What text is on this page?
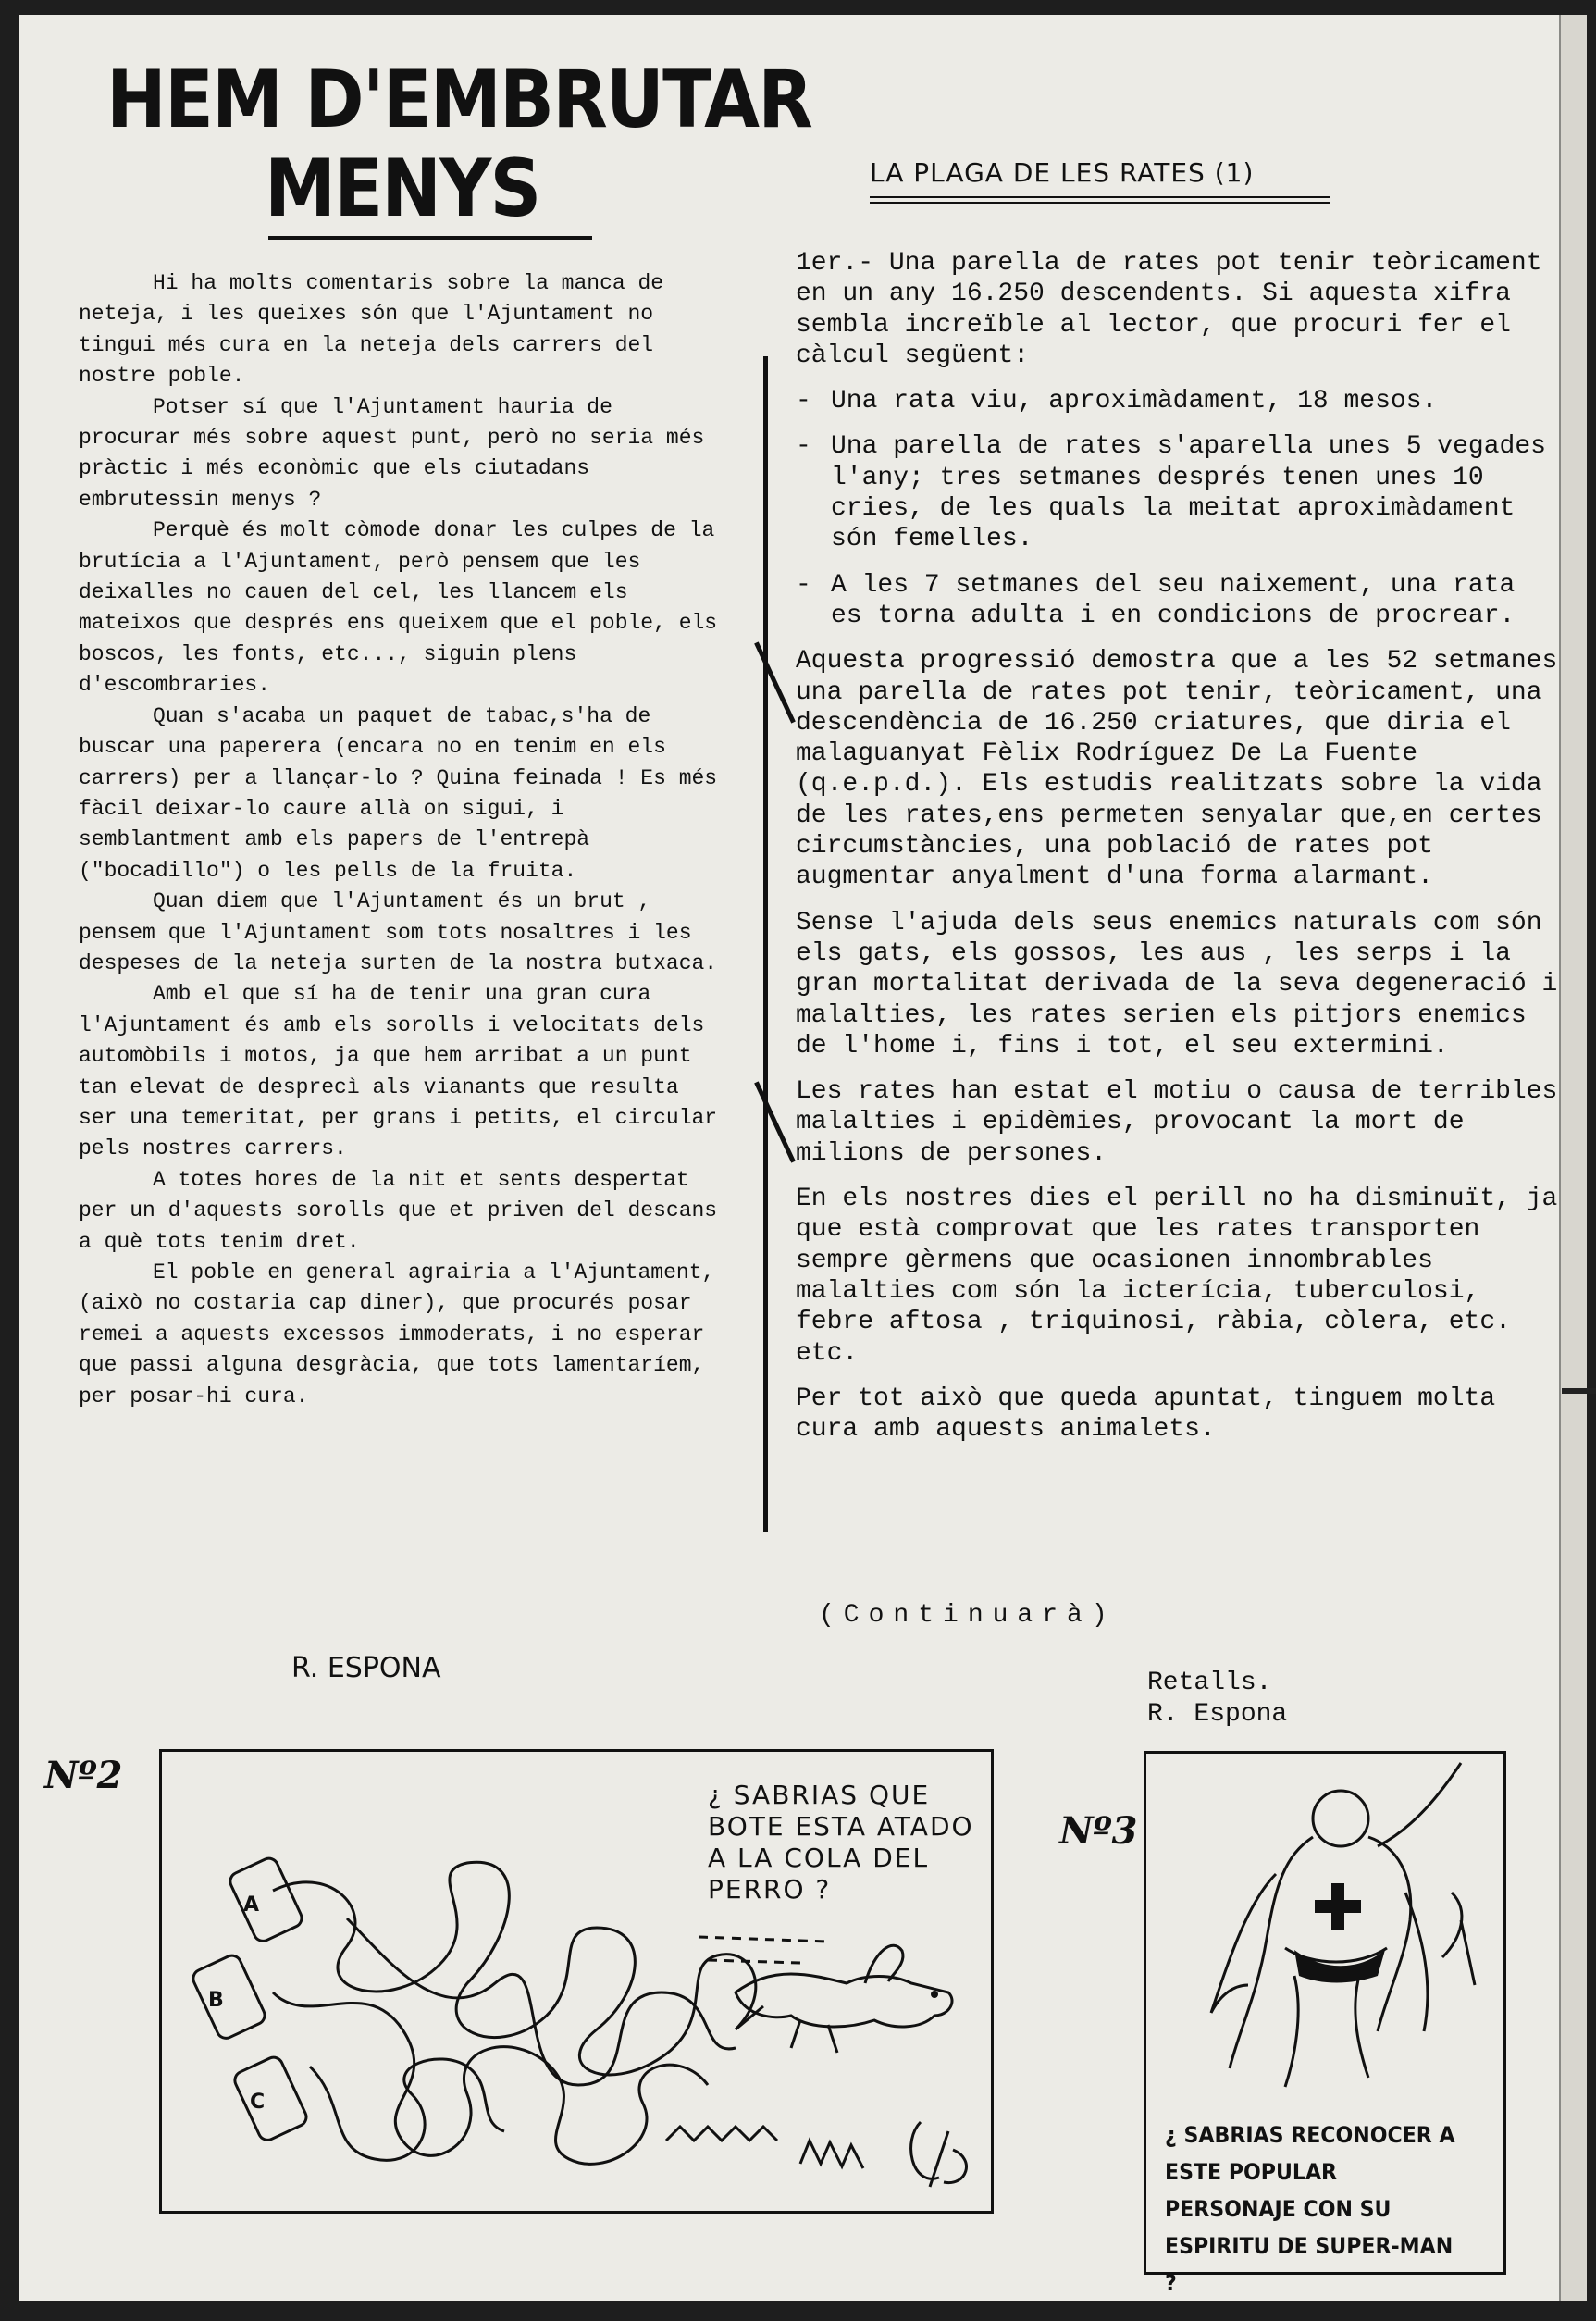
HEM D'EMBRUTAR
MENYS

Hi ha molts comentaris sobre la manca de neteja, i les queixes són que l'Ajuntament no tingui més cura en la neteja dels carrers del nostre poble.

Potser sí que l'Ajuntament hauria de procurar més sobre aquest punt, però no seria més pràctic i més econòmic que els ciutadans embrutessin menys ?

Perquè és molt còmode donar les culpes de la brutícia a l'Ajuntament, però pensem que les deixalles no cauen del cel, les llancem els mateixos que després ens queixem que el poble, els boscos, les fonts, etc..., siguin plens d'escombraries.

Quan s'acaba un paquet de tabac,s'ha de buscar una paperera (encara no en tenim en els carrers) per a llançar-lo ? Quina feinada ! Es més fàcil deixar-lo caure allà on sigui, i semblantment amb els papers de l'entrepà ("bocadillo") o les pells de la fruita.

Quan diem que l'Ajuntament és un brut , pensem que l'Ajuntament som tots nosaltres i les despeses de la neteja surten de la nostra butxaca.

Amb el que sí ha de tenir una gran cura l'Ajuntament és amb els sorolls i velocitats dels automòbils i motos, ja que hem arribat a un punt tan elevat de desprecì als vianants que resulta ser una temeritat, per grans i petits, el circular pels nostres carrers.

A totes hores de la nit et sents despertat per un d'aquests sorolls que et priven del descans a què tots tenim dret.

El poble en general agrairia a l'Ajuntament,(això no costaria cap diner), que procurés posar remei a aquests excessos immoderats, i no esperar que passi alguna desgràcia, que tots lamentaríem, per posar-hi cura.

R. ESPONA
LA PLAGA DE LES RATES (1)

1er.- Una parella de rates pot tenir teòricament en un any 16.250 descendents. Si aquesta xifra sembla increïble al lector, que procuri fer el càlcul següent:

- Una rata viu, aproximàdament, 18 mesos.
- Una parella de rates s'aparella unes 5 vegades l'any; tres setmanes després tenen unes 10 cries, de les quals la meitat aproximàdament són femelles.
- A les 7 setmanes del seu naixement, una rata es torna adulta i en condicions de procrear.

Aquesta progressió demostra que a les 52 setmanes una parella de rates pot tenir, teòricament, una descendència de 16.250 criatures, que diria el malaguanyat Fèlix Rodríguez De La Fuente (q.e.p.d.). Els estudis realitzats sobre la vida de les rates,ens permeten senyalar que,en certes circumstàncies, una població de rates pot augmentar anyalment d'una forma alarmant.

Sense l'ajuda dels seus enemics naturals com són els gats, els gossos, les aus , les serps i la gran mortalitat derivada de la seva degeneració i malalties, les rates serien els pitjors enemics de l'home i, fins i tot, el seu extermini.

Les rates han estat el motiu o causa de terribles malalties i epidèmies, provocant la mort de milions de persones.

En els nostres dies el perill no ha disminuït, ja que està comprovat que les rates transporten sempre gèrmens que ocasionen innombrables malalties com són la icterícia, tuberculosi, febre aftosa , triquinosi, ràbia, còlera, etc. etc.

Per tot això que queda apuntat, tinguem molta cura amb aquests animalets.

(Continuarà)
Retalls.
R. Espona
Nº2
A
B
C
¿ SABRIAS QUE BOTE ESTA ATADO A LA COLA DEL PERRO ?
Nº3
¿ SABRIAS RECONOCER A ESTE POPULAR PERSONAJE CON SU ESPIRITU DE SUPER-MAN ?
